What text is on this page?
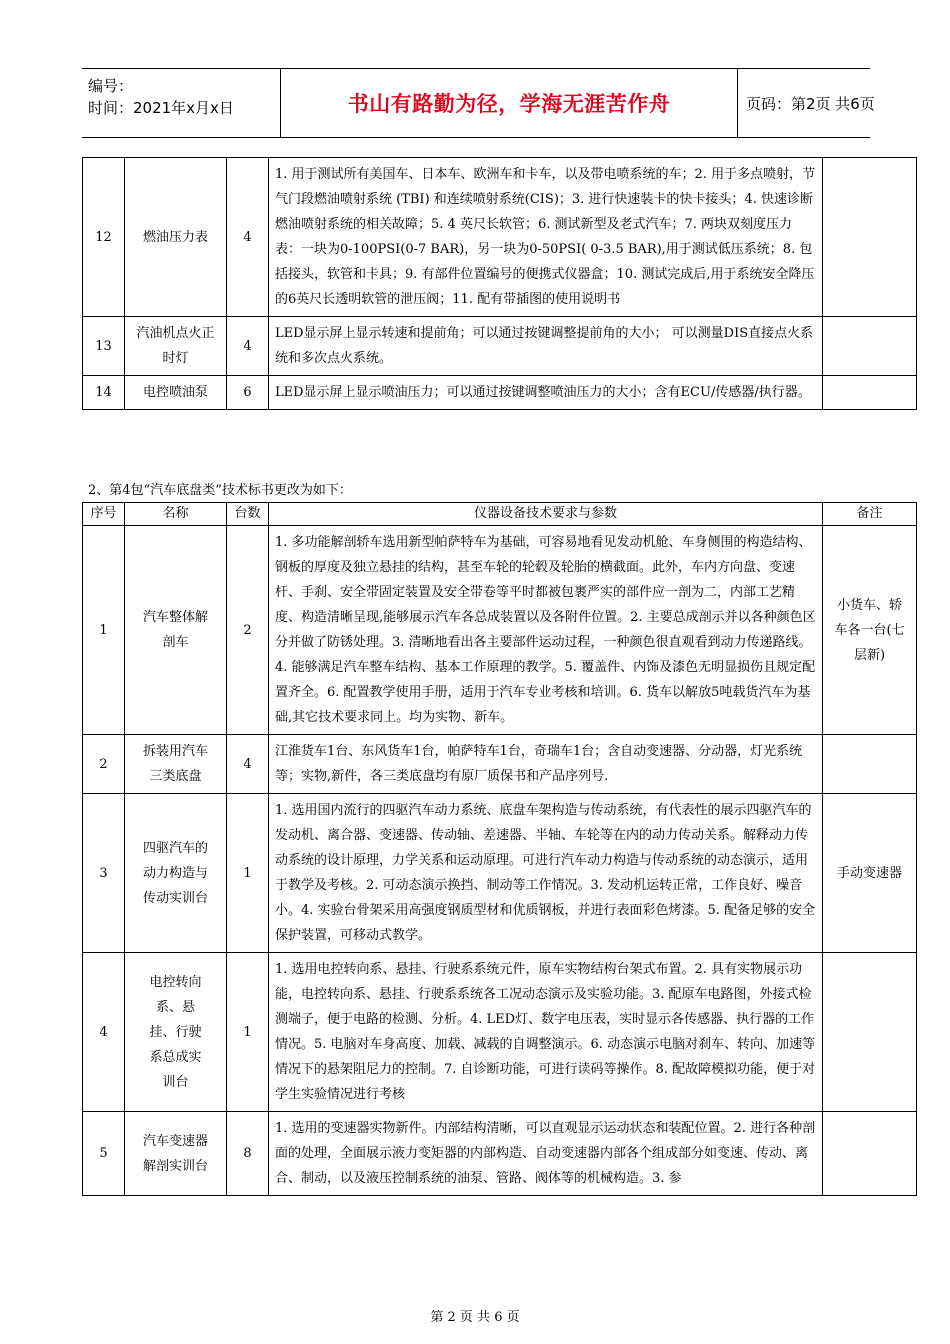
编号：
时间：2021年x月x日	书山有路勤为径，学海无涯苦作舟	页码：第2页 共6页
12	燃油压力表	4	1. 用于测试所有美国车、日本车、欧洲车和卡车，以及带电喷系统的车；2. 用于多点喷射，节气门段燃油喷射系统 (TBI) 和连续喷射系统(CIS)；3. 进行快速装卡的快卡接头；4. 快速诊断燃油喷射系统的相关故障；5. 4 英尺长软管；6. 测试新型及老式汽车；7. 两块双刻度压力表：一块为0-100PSI(0-7 BAR)，另一块为0-50PSI( 0-3.5 BAR),用于测试低压系统；8. 包括接头，软管和卡具；9. 有部件位置编号的便携式仪器盒；10. 测试完成后,用于系统安全降压的6英尺长透明软管的泄压阀；11. 配有带插图的使用说明书	
13	汽油机点火正时灯	4	LED显示屏上显示转速和提前角；可以通过按键调整提前角的大小； 可以测量DIS直接点火系统和多次点火系统。	
14	电控喷油泵	6	LED显示屏上显示喷油压力；可以通过按键调整喷油压力的大小；含有ECU/传感器/执行器。	
2、第4包“汽车底盘类”技术标书更改为如下：
序号	名称	台数	仪器设备技术要求与参数	备注
1	汽车整体解剖车	2	1. 多功能解剖轿车选用新型帕萨特车为基础，可容易地看见发动机舱、车身侧围的构造结构、钢板的厚度及独立悬挂的结构，甚至车轮的轮毂及轮胎的横截面。此外，车内方向盘、变速杆、手刹、安全带固定装置及安全带卷等平时都被包裹严实的部件应一剖为二，内部工艺精度、构造清晰呈现,能够展示汽车各总成装置以及各附件位置。2. 主要总成剖示并以各种颜色区分并做了防锈处理。3. 清晰地看出各主要部件运动过程，一种颜色很直观看到动力传递路线。4. 能够满足汽车整车结构、基本工作原理的教学。5. 覆盖件、内饰及漆色无明显损伤且规定配置齐全。6. 配置教学使用手册，适用于汽车专业考核和培训。6. 货车以解放5吨载货汽车为基础,其它技术要求同上。均为实物、新车。	小货车、轿车各一台(七层新)
2	拆装用汽车三类底盘	4	江淮货车1台、东风货车1台，帕萨特车1台，奇瑞车1台；含自动变速器、分动器，灯光系统等；实物,新件，各三类底盘均有原厂质保书和产品序列号.	
3	四驱汽车的动力构造与传动实训台	1	1. 选用国内流行的四驱汽车动力系统、底盘车架构造与传动系统，有代表性的展示四驱汽车的发动机、离合器、变速器、传动轴、差速器、半轴、车轮等在内的动力传动关系。解释动力传动系统的设计原理，力学关系和运动原理。可进行汽车动力构造与传动系统的动态演示，适用于教学及考核。2. 可动态演示换挡、制动等工作情况。3. 发动机运转正常，工作良好、噪音小。4. 实验台骨架采用高强度钢质型材和优质钢板，并进行表面彩色烤漆。5. 配备足够的安全保护装置，可移动式教学。	手动变速器
4	电控转向系、悬挂、行驶系总成实训台	1	1. 选用电控转向系、悬挂、行驶系系统元件，原车实物结构台架式布置。2. 具有实物展示功能，电控转向系、悬挂、行驶系系统各工况动态演示及实验功能。3. 配原车电路图，外接式检测端子，便于电路的检测、分析。4. LED灯、数字电压表，实时显示各传感器、执行器的工作情况。5. 电脑对车身高度、加载、减载的自调整演示。6. 动态演示电脑对刹车、转向、加速等情况下的悬架阻尼力的控制。7. 自诊断功能，可进行读码等操作。8. 配故障模拟功能，便于对学生实验情况进行考核	
5	汽车变速器解剖实训台	8	1. 选用的变速器实物新件。内部结构清晰，可以直观显示运动状态和装配位置。2. 进行各种剖面的处理，全面展示液力变矩器的内部构造、自动变速器内部各个组成部分如变速、传动、离合、制动，以及液压控制系统的油泵、管路、阀体等的机械构造。3. 参	
第 2 页 共 6 页
